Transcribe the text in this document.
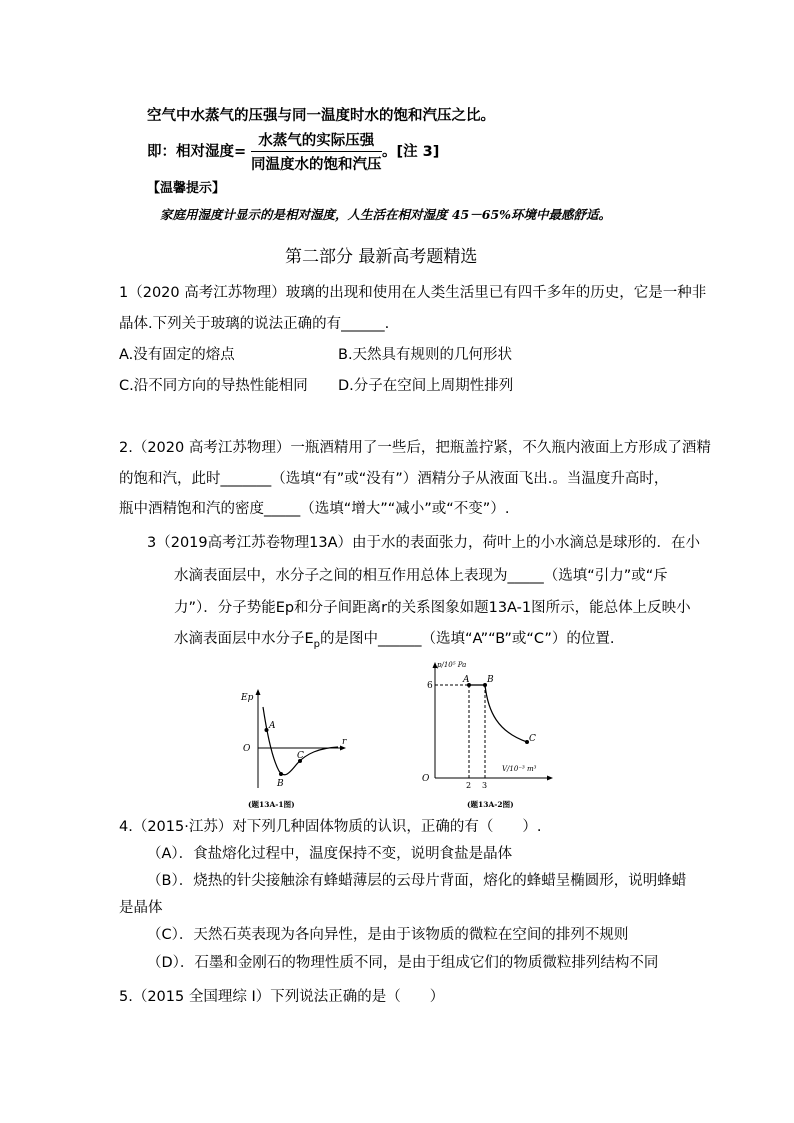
空气中水蒸气的压强与同一温度时水的饱和汽压之比。
即：相对湿度=
水蒸气的实际压强
同温度水的饱和汽压
。[注 3]
【温馨提示】
家庭用湿度计显示的是相对湿度，人生活在相对湿度 45－65%环境中最感舒适。
第二部分 最新高考题精选
1（2020 高考江苏物理）玻璃的出现和使用在人类生活里已有四千多年的历史，它是一种非
晶体.下列关于玻璃的说法正确的有______.
A.没有固定的熔点	B.天然具有规则的几何形状
C.沿不同方向的导热性能相同 D.分子在空间上周期性排列
2.（2020 高考江苏物理）一瓶酒精用了一些后，把瓶盖拧紧，不久瓶内液面上方形成了酒精
的饱和汽，此时_______（选填“有”或“没有”）酒精分子从液面飞出.。当温度升高时，
瓶中酒精饱和汽的密度_____（选填“增大”“减小”或“不变”）.
3（2019高考江苏卷物理13A）由于水的表面张力，荷叶上的小水滴总是球形的．在小
水滴表面层中，水分子之间的相互作用总体上表现为_____（选填“引力”或“斥
力”）．分子势能Ep和分子间距离r的关系图象如题13A-1图所示，能总体上反映小
水滴表面层中水分子$E_p$的是图中______（选填“A”“B”或“C”）的位置.
Ep
r
O
A
B
C
(题13A-1图)
p/10⁵ Pa
V/10⁻³ m³
O
6
2 3
A B
C
(题13A-2图)
4.（2015·江苏）对下列几种固体物质的认识，正确的有（　　）.
（A）．食盐熔化过程中，温度保持不变，说明食盐是晶体
（B）．烧热的针尖接触涂有蜂蜡薄层的云母片背面，熔化的蜂蜡呈椭圆形，说明蜂蜡
是晶体
（C）．天然石英表现为各向异性，是由于该物质的微粒在空间的排列不规则
（D）．石墨和金刚石的物理性质不同，是由于组成它们的物质微粒排列结构不同
5.（2015 全国理综 I）下列说法正确的是（　　）
